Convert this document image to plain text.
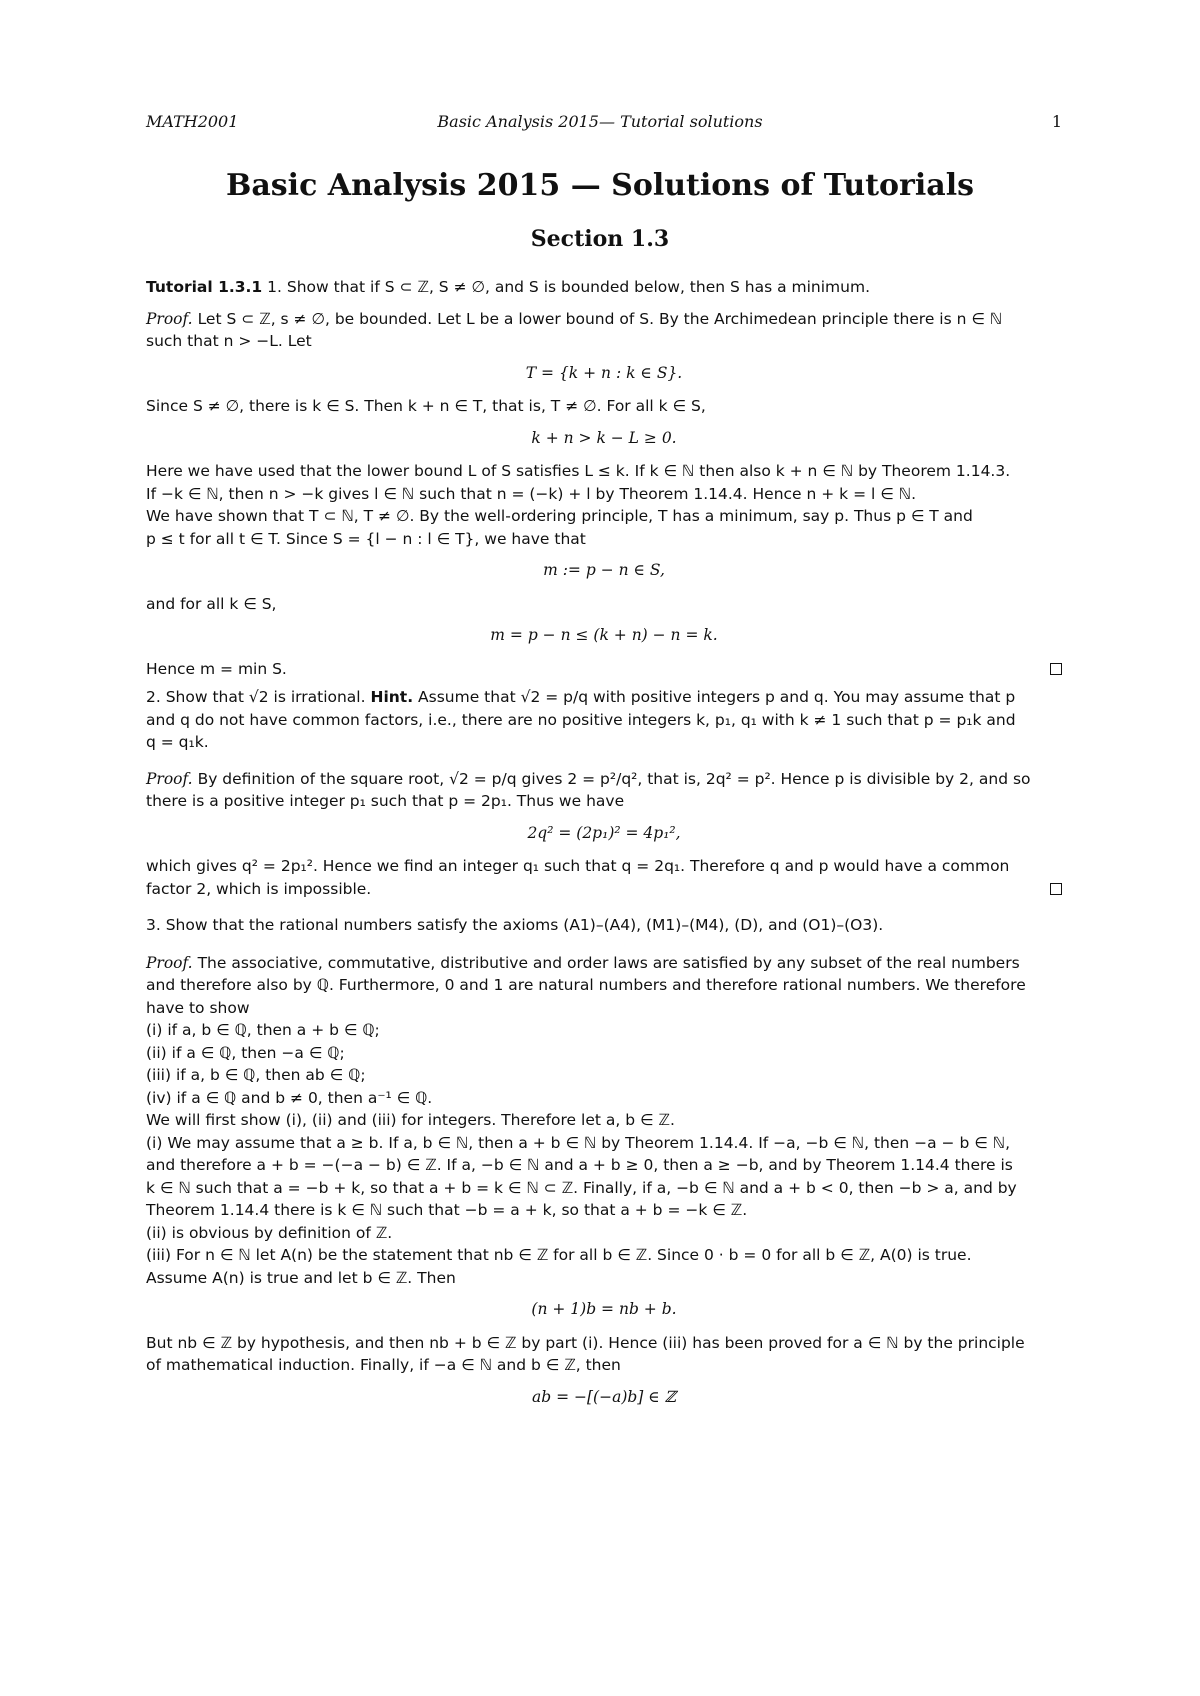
MATH2001	Basic Analysis 2015— Tutorial solutions	1
Basic Analysis 2015 — Solutions of Tutorials
Section 1.3

Tutorial 1.3.1 1. Show that if S ⊂ ℤ, S ≠ ∅, and S is bounded below, then S has a minimum.

Proof. Let S ⊂ ℤ, s ≠ ∅, be bounded. Let L be a lower bound of S. By the Archimedean principle there is n ∈ ℕ
such that n > −L. Let
T = {k + n : k ∈ S}.
Since S ≠ ∅, there is k ∈ S. Then k + n ∈ T, that is, T ≠ ∅. For all k ∈ S,
k + n > k − L ≥ 0.
Here we have used that the lower bound L of S satisfies L ≤ k. If k ∈ ℕ then also k + n ∈ ℕ by Theorem 1.14.3.
If −k ∈ ℕ, then n > −k gives l ∈ ℕ such that n = (−k) + l by Theorem 1.14.4. Hence n + k = l ∈ ℕ.
We have shown that T ⊂ ℕ, T ≠ ∅. By the well-ordering principle, T has a minimum, say p. Thus p ∈ T and
p ≤ t for all t ∈ T. Since S = {l − n : l ∈ T}, we have that
m := p − n ∈ S,
and for all k ∈ S,
m = p − n ≤ (k + n) − n = k.
Hence m = min S.
2. Show that √2 is irrational. Hint. Assume that √2 = p/q with positive integers p and q. You may assume that p
and q do not have common factors, i.e., there are no positive integers k, p₁, q₁ with k ≠ 1 such that p = p₁k and
q = q₁k.
Proof. By definition of the square root, √2 = p/q gives 2 = p²/q², that is, 2q² = p². Hence p is divisible by 2, and so
there is a positive integer p₁ such that p = 2p₁. Thus we have
2q² = (2p₁)² = 4p₁²,
which gives q² = 2p₁². Hence we find an integer q₁ such that q = 2q₁. Therefore q and p would have a common
factor 2, which is impossible.

3. Show that the rational numbers satisfy the axioms (A1)–(A4), (M1)–(M4), (D), and (O1)–(O3).

Proof. The associative, commutative, distributive and order laws are satisfied by any subset of the real numbers
and therefore also by ℚ. Furthermore, 0 and 1 are natural numbers and therefore rational numbers. We therefore
have to show
(i) if a, b ∈ ℚ, then a + b ∈ ℚ;
(ii) if a ∈ ℚ, then −a ∈ ℚ;
(iii) if a, b ∈ ℚ, then ab ∈ ℚ;
(iv) if a ∈ ℚ and b ≠ 0, then a⁻¹ ∈ ℚ.
We will first show (i), (ii) and (iii) for integers. Therefore let a, b ∈ ℤ.
(i) We may assume that a ≥ b. If a, b ∈ ℕ, then a + b ∈ ℕ by Theorem 1.14.4. If −a, −b ∈ ℕ, then −a − b ∈ ℕ,
and therefore a + b = −(−a − b) ∈ ℤ. If a, −b ∈ ℕ and a + b ≥ 0, then a ≥ −b, and by Theorem 1.14.4 there is
k ∈ ℕ such that a = −b + k, so that a + b = k ∈ ℕ ⊂ ℤ. Finally, if a, −b ∈ ℕ and a + b < 0, then −b > a, and by
Theorem 1.14.4 there is k ∈ ℕ such that −b = a + k, so that a + b = −k ∈ ℤ.
(ii) is obvious by definition of ℤ.
(iii) For n ∈ ℕ let A(n) be the statement that nb ∈ ℤ for all b ∈ ℤ. Since 0 · b = 0 for all b ∈ ℤ, A(0) is true.
Assume A(n) is true and let b ∈ ℤ. Then
(n + 1)b = nb + b.
But nb ∈ ℤ by hypothesis, and then nb + b ∈ ℤ by part (i). Hence (iii) has been proved for a ∈ ℕ by the principle
of mathematical induction. Finally, if −a ∈ ℕ and b ∈ ℤ, then
ab = −[(−a)b] ∈ ℤ
